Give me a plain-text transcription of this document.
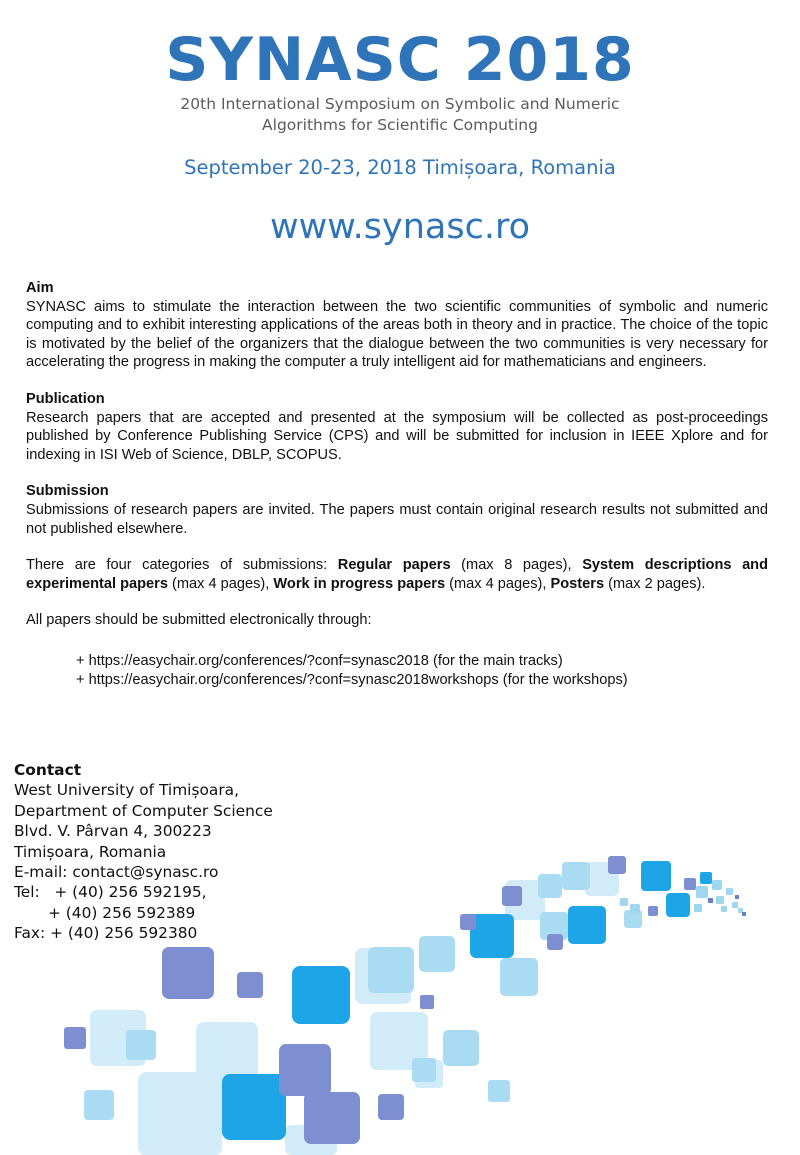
SYNASC 2018
20th International Symposium on Symbolic and Numeric
Algorithms for Scientific Computing
September 20-23, 2018 Timișoara, Romania
www.synasc.ro
Aim

SYNASC aims to stimulate the interaction between the two scientific communities of symbolic and numeric computing and to exhibit interesting applications of the areas both in theory and in practice. The choice of the topic is motivated by the belief of the organizers that the dialogue between the two communities is very necessary for accelerating the progress in making the computer a truly intelligent aid for mathematicians and engineers.

Publication

Research papers that are accepted and presented at the symposium will be collected as post-proceedings published by Conference Publishing Service (CPS) and will be submitted for inclusion in IEEE Xplore and for indexing in ISI Web of Science, DBLP, SCOPUS.

Submission

Submissions of research papers are invited. The papers must contain original research results not submitted and not published elsewhere.

There are four categories of submissions: Regular papers (max 8 pages), System descriptions and experimental papers (max 4 pages), Work in progress papers (max 4 pages), Posters (max 2 pages).
All papers should be submitted electronically through:
+ https://easychair.org/conferences/?conf=synasc2018 (for the main tracks)
+ https://easychair.org/conferences/?conf=synasc2018workshops (for the workshops)
Contact
West University of Timișoara,
Department of Computer Science
Blvd. V. Pârvan 4, 300223
Timișoara, Romania
E-mail: contact@synasc.ro
Tel:   + (40) 256 592195,
+ (40) 256 592389
Fax: + (40) 256 592380
